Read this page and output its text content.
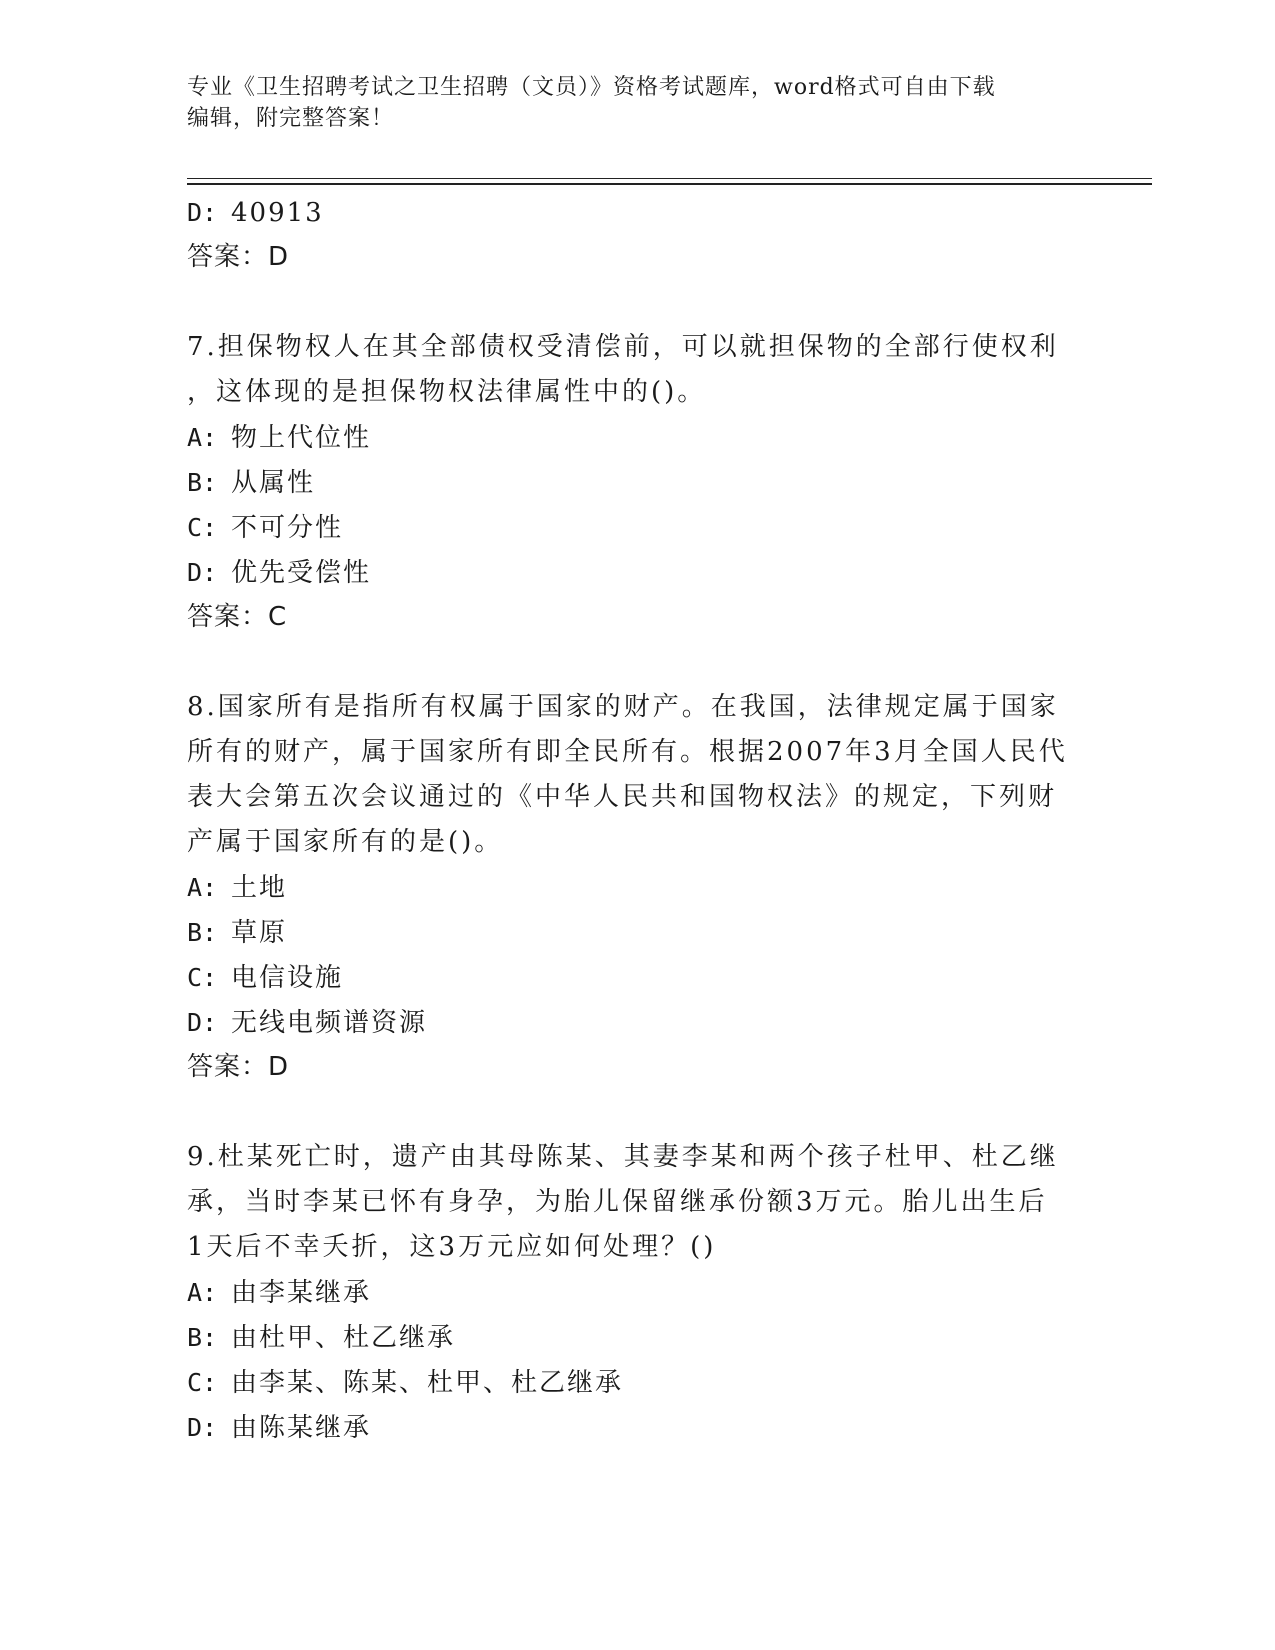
专业《卫生招聘考试之卫生招聘（文员）》资格考试题库，word格式可自由下载
编辑，附完整答案！
D: 40913
答案：D
7.担保物权人在其全部债权受清偿前，可以就担保物的全部行使权利
，这体现的是担保物权法律属性中的()。
A: 物上代位性
B: 从属性
C: 不可分性
D: 优先受偿性
答案：C
8.国家所有是指所有权属于国家的财产。在我国，法律规定属于国家
所有的财产，属于国家所有即全民所有。根据2007年3月全国人民代
表大会第五次会议通过的《中华人民共和国物权法》的规定，下列财
产属于国家所有的是()。
A: 土地
B: 草原
C: 电信设施
D: 无线电频谱资源
答案：D
9.杜某死亡时，遗产由其母陈某、其妻李某和两个孩子杜甲、杜乙继
承，当时李某已怀有身孕，为胎儿保留继承份额3万元。胎儿出生后
1天后不幸夭折，这3万元应如何处理？()
A: 由李某继承
B: 由杜甲、杜乙继承
C: 由李某、陈某、杜甲、杜乙继承
D: 由陈某继承
